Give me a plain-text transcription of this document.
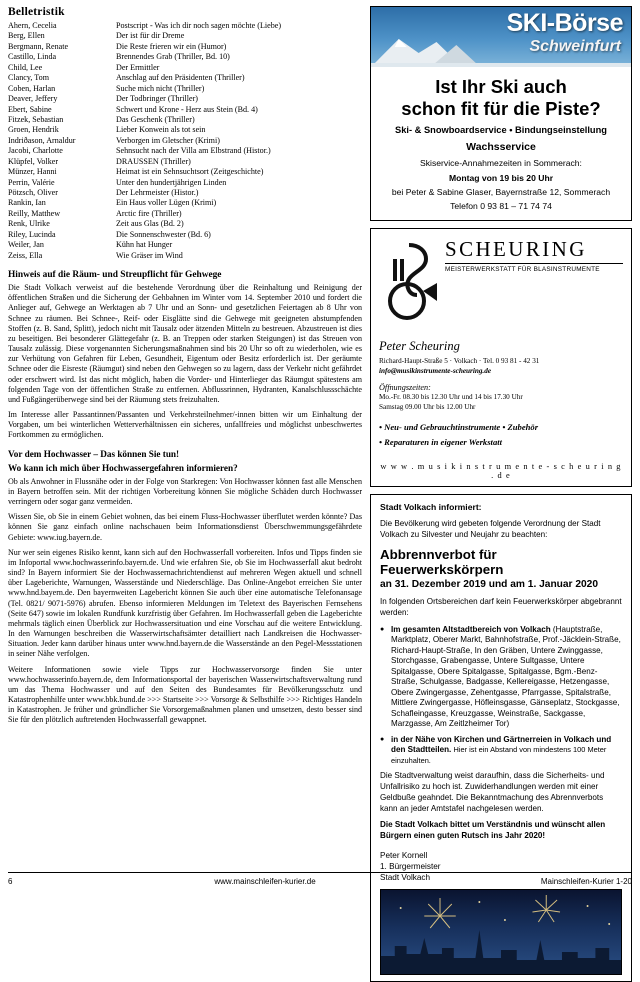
Belletristik
Ahern, Cecelia	Postscript - Was ich dir noch sagen möchte (Liebe)
Berg, Ellen	Der ist für dir Dreme
Bergmann, Renate	Die Reste frieren wir ein (Humor)
Castillo, Linda	Brennendes Grab (Thriller, Bd. 10)
Child, Lee	Der Ermittler
Clancy, Tom	Anschlag auf den Präsidenten (Thriller)
Coben, Harlan	Suche mich nicht (Thriller)
Deaver, Jeffery	Der Todbringer (Thriller)
Ebert, Sabine	Schwert und Krone - Herz aus Stein (Bd. 4)
Fitzek, Sebastian	Das Geschenk (Thriller)
Groen, Hendrik	Lieber Konwein als tot sein
Indriðason, Arnaldur	Verborgen im Gletscher (Krimi)
Jacobi, Charlotte	Sehnsucht nach der Villa am Elbstrand (Histor.)
Klüpfel, Volker	DRAUSSEN (Thriller)
Münzer, Hanni	Heimat ist ein Sehnsuchtsort (Zeitgeschichte)
Perrin, Valérie	Unter den hundertjährigen Linden
Pötzsch, Oliver	Der Lehrmeister (Histor.)
Rankin, Ian	Ein Haus voller Lügen (Krimi)
Reilly, Matthew	Arctic fire (Thriller)
Renk, Ulrike	Zeit aus Glas (Bd. 2)
Riley, Lucinda	Die Sonnenschwester (Bd. 6)
Weiler, Jan	Kühn hat Hunger
Zeiss, Ella	Wie Gräser im Wind
Hinweis auf die Räum- und Streupflicht für Gehwege

Die Stadt Volkach verweist auf die bestehende Verordnung über die Reinhaltung und Reinigung der öffentlichen Straßen und die Sicherung der Gehbahnen im Winter vom 14. September 2010 und fordert die Anlieger auf, Gehwege an Werktagen ab 7 Uhr und an Sonn- und gesetzlichen Feiertagen ab 8 Uhr von Schnee zu räumen. Bei Schnee-, Reif- oder Eisglätte sind die Gehwege mit geeigneten abstumpfenden Stoffen (z. B. Sand, Splitt), jedoch nicht mit Tausalz oder ätzenden Mitteln zu bestreuen. Abzustreuen ist dies zu beseitigen. Bei besonderer Glättegefahr (z. B. an Treppen oder starken Steigungen) ist das Streuen von Tausalz zulässig. Diese vorgenannten Sicherungsmaßnahmen sind bis 20 Uhr so oft zu wiederholen, wie es zur Verhütung von Gefahren für Leben, Gesundheit, Eigentum oder Besitz erforderlich ist. Der geräumte Schnee oder die Eisreste (Räumgut) sind neben den Gehwegen so zu lagern, dass der Verkehr nicht gefährdet oder erschwert wird. Ist das nicht möglich, haben die Vorder- und Hinterlieger das Räumgut spätestens am folgenden Tage von der öffentlichen Straße zu entfernen. Abflussrinnen, Hydranten, Kanalschlussschächte und Fußgängerüberwege sind bei der Räumung stets freizuhalten.

Im Interesse aller Passantinnen/Passanten und Verkehrsteilnehmer/-innen bitten wir um Einhaltung der Vorgaben, um bei winterlichen Wetterverhältnissen ein sicheres, unfallfreies und möglichst unbeschwertes Fortkommen zu ermöglichen.

Vor dem Hochwasser – Das können Sie tun!
Wo kann ich mich über Hochwassergefahren informieren?

Ob als Anwohner in Flussnähe oder in der Folge von Starkregen: Von Hochwasser können fast alle Menschen in Bayern betroffen sein. Mit der richtigen Vorbereitung können Sie mögliche Schäden durch Hochwasser verringern oder sogar ganz vermeiden.

Wissen Sie, ob Sie in einem Gebiet wohnen, das bei einem Fluss-Hochwasser überflutet werden könnte? Das können Sie ganz einfach online nachschauen beim Informationsdienst Überschwemmungsgefährdete Gebiete: www.iug.bayern.de.

Nur wer sein eigenes Risiko kennt, kann sich auf den Hochwasserfall vorbereiten. Infos und Tipps finden sie im Infoportal www.hochwasserinfo.bayern.de. Und wie erfahren Sie, ob Sie im Hochwasserfall akut bedroht sind? In Bayern informiert Sie der Hochwassernachrichtendienst auf mehreren Wegen aktuell und schnell über Lageberichte, Warnungen, Wasserstände und Niederschläge. Das Online-Angebot erreichen Sie unter www.hnd.bayern.de. Den bayernweiten Lagebericht können Sie auch über eine automatische Telefonansage (Tel. 0821/ 9071-5976) abrufen. Ebenso informieren Meldungen im Teletext des Bayerischen Fernsehens (Seite 647) sowie im lokalen Rundfunk kurzfristig über Gefahren. Im Hochwasserfall geben die Lageberichte mehrmals täglich einen Überblick zur Hochwassersituation und eine Vorschau auf die weitere Entwicklung. In den Warnungen beschreiben die Wasserwirtschaftsämter detailliert nach Landkreisen die Hochwasser-Situation. Jeder kann darüber hinaus unter www.hnd.bayern.de die Wasserstände an den Pegel-Messstationen in seiner Nähe verfolgen.

Weitere Informationen sowie viele Tipps zur Hochwasservorsorge finden Sie unter www.hochwasserinfo.bayern.de, dem Informationsportal der bayerischen Wasserwirtschaftsverwaltung rund um das Thema Hochwasser und auf den Seiten des Bundesamtes für Bevölkerungsschutz und Katastrophenhilfe unter www.bbk.bund.de >>> Startseite >>> Vorsorge & Selbsthilfe >>> Richtiges Handeln in Katastrophen. Je früher und gründlicher Sie Vorsorgemaßnahmen planen und umsetzen, desto besser sind Sie für den plötzlich auftretenden Hochwasserfall gewappnet.

SKI-Börse
Schweinfurt
Ist Ihr Ski auch
schon fit für die Piste?
Ski- & Snowboardservice • Bindungseinstellung
Wachsservice
Skiservice-Annahmezeiten in Sommerach:
Montag von 19 bis 20 Uhr
bei Peter & Sabine Glaser, Bayernstraße 12, Sommerach
Telefon 0 93 81 – 71 74 74
SCHEURING
MEISTERWERKSTATT FÜR BLASINSTRUMENTE
Peter Scheuring
Richard-Haupt-Straße 5 · Volkach · Tel. 0 93 81 - 42 31
info@musikinstrumente-scheuring.de
Öffnungszeiten:
Mo.-Fr. 08.30 bis 12.30 Uhr und 14 bis 17.30 Uhr
Samstag 09.00 Uhr bis 12.00 Uhr
• Neu- und Gebrauchtinstrumente • Zubehör
• Reparaturen in eigener Werkstatt
w w w . m u s i k i n s t r u m e n t e - s c h e u r i n g . d e
Stadt Volkach informiert:
Die Bevölkerung wird gebeten folgende Verordnung der Stadt Volkach zu Silvester und Neujahr zu beachten:
Abbrennverbot für Feuerwerkskörpern
an 31. Dezember 2019 und am 1. Januar 2020
In folgenden Ortsbereichen darf kein Feuerwerkskörper abgebrannt werden:
● Im gesamten Altstadtbereich von Volkach (Hauptstraße, Marktplatz, Oberer Markt, Bahnhofstraße, Prof.-Jäcklein-Straße, Richard-Haupt-Straße, In den Gräben, Untere Zwinggasse, Storchgasse, Grabengasse, Untere Sultgasse, Untere Spitalgasse, Obere Spitalgasse, Spitalgasse, Bgm.-Benz-Straße, Schulgasse, Badgasse, Kellereigasse, Hetzengasse, Obere Zwingergasse, Zehentgasse, Pfarrgasse, Spitalstraße, Mittlere Zwingergasse, Höfleinsgasse, Gänseplatz, Stockgasse, Schafleingasse, Kreuzgasse, Weinstraße, Sackgasse, Marzgasse, Am Zeitlzheimer Tor)
● in der Nähe von Kirchen und Gärtnerreien in Volkach und den Stadtteilen. Hier ist ein Abstand von mindestens 100 Meter einzuhalten.
Die Stadtverwaltung weist daraufhin, dass die Sicherheits- und Unfallrisiko zu hoch ist. Zuwiderhandlungen werden mit einer Geldbuße geahndet. Die Bekanntmachung des Abrennverbots kann an jeder Amtstafel nachgelesen werden.
Die Stadt Volkach bittet um Verständnis und wünscht allen Bürgern einen guten Rutsch ins Jahr 2020!
Peter Kornell
1. Bürgermeister
Stadt Volkach
6	www.mainschleifen-kurier.de	Mainschleifen-Kurier 1-20
